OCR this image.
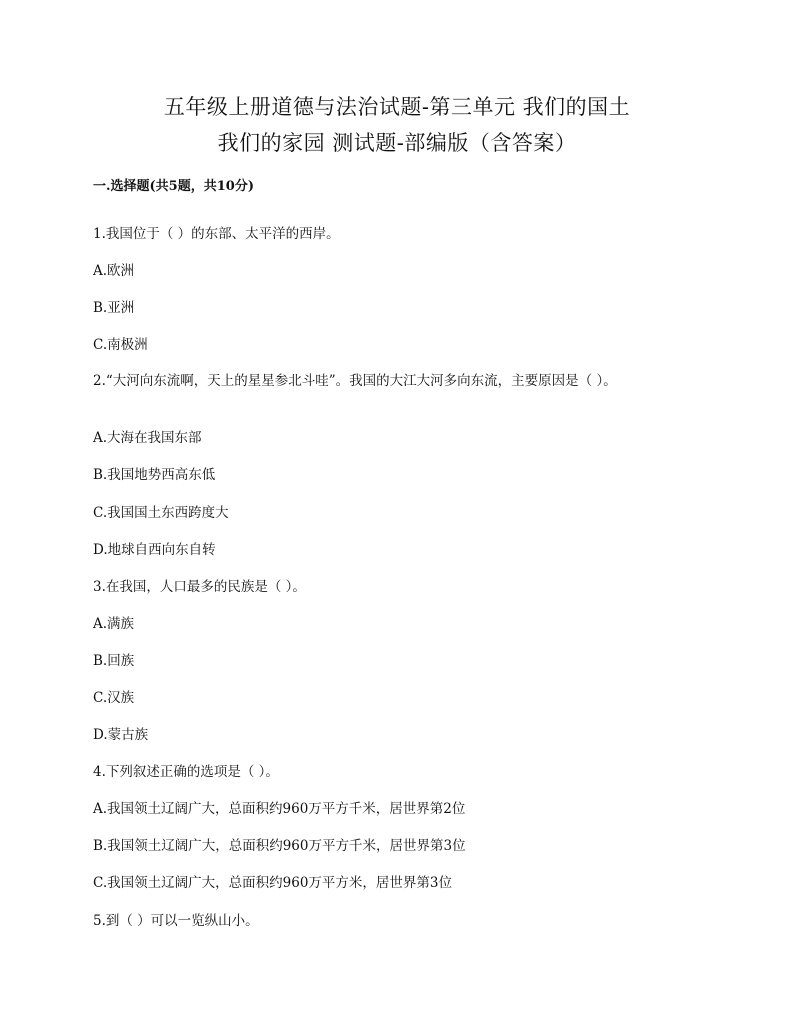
五年级上册道德与法治试题-第三单元 我们的国土
我们的家园 测试题-部编版（含答案）

一.选择题(共5题，共10分)

1.我国位于（ ）的东部、太平洋的西岸。

A.欧洲

B.亚洲

C.南极洲

2.“大河向东流啊，天上的星星参北斗哇”。我国的大江大河多向东流，主要原因是（ ）。

A.大海在我国东部

B.我国地势西高东低

C.我国国土东西跨度大

D.地球自西向东自转

3.在我国，人口最多的民族是（ ）。

A.满族

B.回族

C.汉族

D.蒙古族

4.下列叙述正确的选项是（ ）。

A.我国领土辽阔广大，总面积约960万平方千米，居世界第2位

B.我国领土辽阔广大，总面积约960万平方千米，居世界第3位

C.我国领土辽阔广大，总面积约960万平方米，居世界第3位

5.到（ ）可以一览纵山小。
